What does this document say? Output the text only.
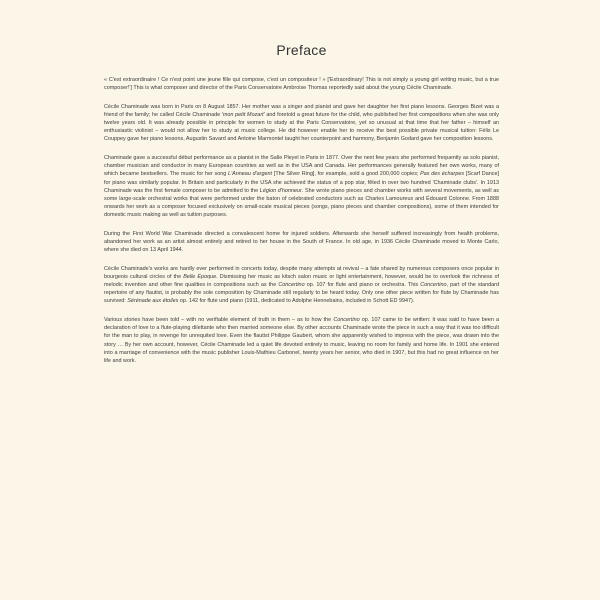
Preface

« C'est extraordinaire ! Ce n'est point une jeune fille qui compose, c'est un compositeur ! » ['Extraordinary! This is not simply a young girl writing music, but a true composer!'] This is what composer and director of the Paris Conservatoire Ambroise Thomas reportedly said about the young Cécile Chaminade.

Cécile Chaminade was born in Paris on 8 August 1857. Her mother was a singer and pianist and gave her daughter her first piano lessons. Georges Bizet was a friend of the family; he called Cécile Chaminade 'mon petit Mozart' and foretold a great future for the child, who published her first compositions when she was only twelve years old. It was already possible in principle for women to study at the Paris Conservatoire, yet so unusual at that time that her father – himself an enthusiastic violinist – would not allow her to study at music college. He did however enable her to receive the best possible private musical tuition: Félix Le Couppey gave her piano lessons, Augustin Savard and Antoine Marmontel taught her counterpoint and harmony, Benjamin Godard gave her composition lessons.

Chaminade gave a successful début performance as a pianist in the Salle Pleyel in Paris in 1877. Over the next few years she performed frequently as solo pianist, chamber musician and conductor in many European countries as well as in the USA and Canada. Her performances generally featured her own works, many of which became bestsellers. The music for her song L'Anneau d'argent [The Silver Ring], for example, sold a good 200,000 copies; Pas des écharpes [Scarf Dance] for piano was similarly popular. In Britain and particularly in the USA she achieved the status of a pop star, fêted in over two hundred 'Chaminade clubs'. In 1913 Chaminade was the first female composer to be admitted to the Légion d'honneur. She wrote piano pieces and chamber works with several movements, as well as some large-scale orchestral works that were performed under the baton of celebrated conductors such as Charles Lamoureux and Édouard Colonne. From 1888 onwards her work as a composer focused exclusively on small-scale musical pieces (songs, piano pieces and chamber compositions), some of them intended for domestic music making as well as tuition purposes.

During the First World War Chaminade directed a convalescent home for injured soldiers. Afterwards she herself suffered increasingly from health problems, abandoned her work as an artist almost entirely and retired to her house in the South of France. In old age, in 1936 Cécile Chaminade moved to Monte Carlo, where she died on 13 April 1944.

Cécile Chaminade's works are hardly ever performed in concerts today, despite many attempts at revival – a fate shared by numerous composers once popular in bourgeois cultural circles of the Belle Époque. Dismissing her music as kitsch salon music or light entertainment, however, would be to overlook the richness of melodic invention and other fine qualities in compositions such as the Concertino op. 107 for flute and piano or orchestra. This Concertino, part of the standard repertoire of any flautist, is probably the sole composition by Chaminade still regularly to be heard today. Only one other piece written for flute by Chaminade has survived: Sérénade aux étoiles op. 142 for flute und piano (1911, dedicated to Adolphe Hennebains, included in Schott ED 9947).

Various stories have been told – with no verifiable element of truth in them – as to how the Concertino op. 107 came to be written: it was said to have been a declaration of love to a flute-playing dilettante who then married someone else. By other accounts Chaminade wrote the piece in such a way that it was too difficult for the man to play, in revenge for unrequited love. Even the flautist Philippe Gaubert, whom she apparently wished to impress with the piece, was drawn into the story … By her own account, however, Cécile Chaminade led a quiet life devoted entirely to music, leaving no room for family and home life. In 1901 she entered into a marriage of convenience with the music publisher Louis-Mathieu Carbonel, twenty years her senior, who died in 1907, but this had no great influence on her life and work.
